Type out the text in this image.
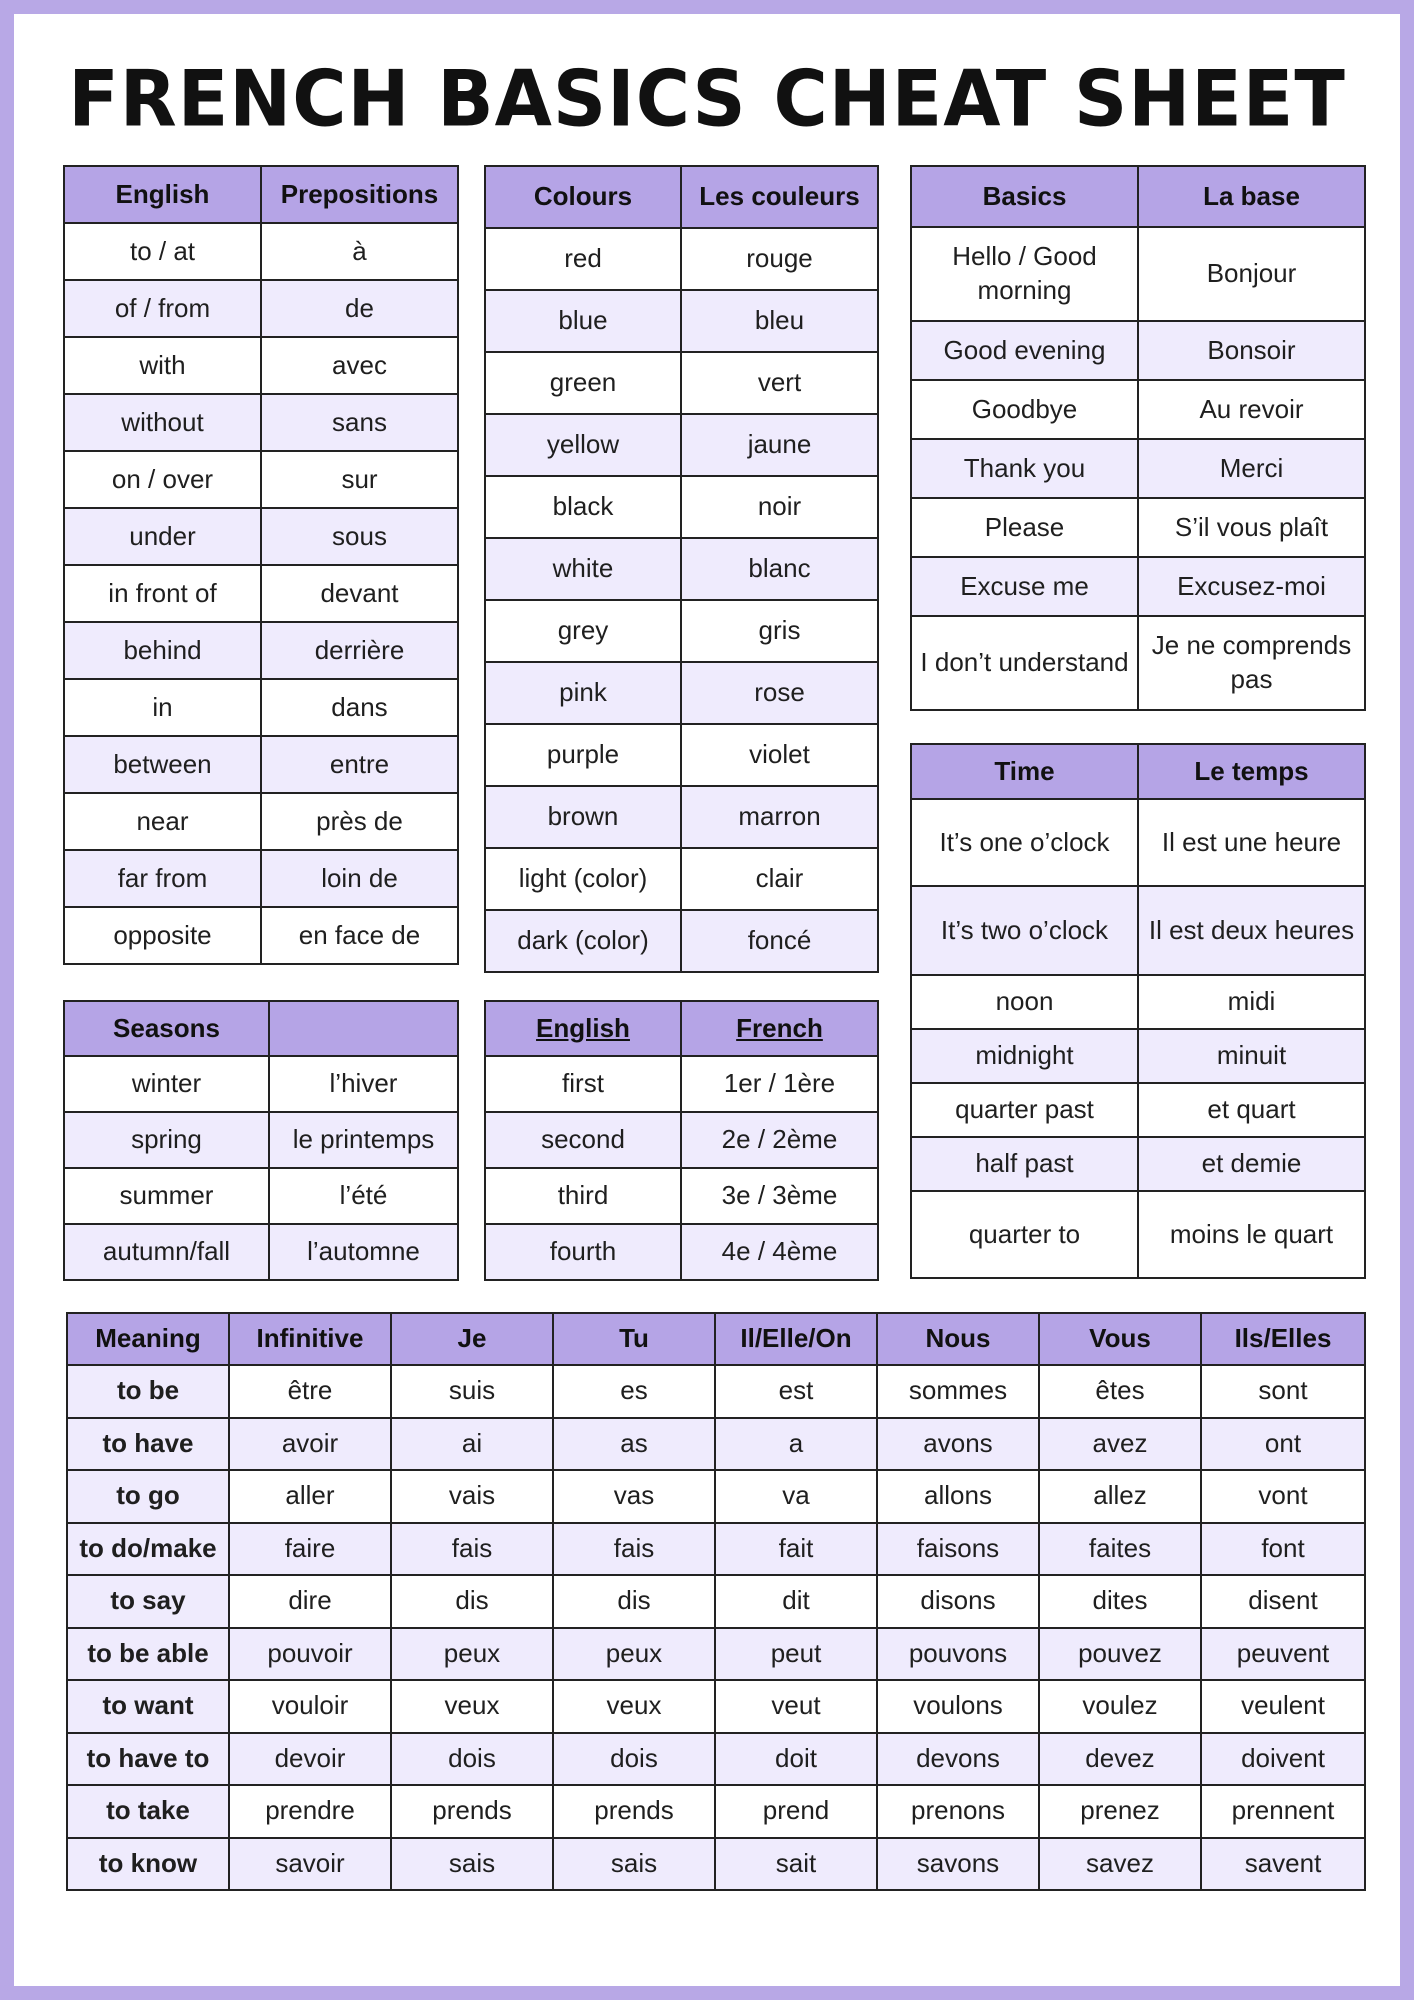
FRENCH BASICS CHEAT SHEET
English	Prepositions
to / at	à
of / from	de
with	avec
without	sans
on / over	sur
under	sous
in front of	devant
behind	derrière
in	dans
between	entre
near	près de
far from	loin de
opposite	en face de
Colours	Les couleurs
red	rouge
blue	bleu
green	vert
yellow	jaune
black	noir
white	blanc
grey	gris
pink	rose
purple	violet
brown	marron
light (color)	clair
dark (color)	foncé
Basics	La base
Hello / Good morning	Bonjour
Good evening	Bonsoir
Goodbye	Au revoir
Thank you	Merci
Please	S’il vous plaît
Excuse me	Excusez-moi
I don’t understand	Je ne comprends pas
Time	Le temps
It’s one o’clock	Il est une heure
It’s two o’clock	Il est deux heures
noon	midi
midnight	minuit
quarter past	et quart
half past	et demie
quarter to	moins le quart
Seasons	
winter	l’hiver
spring	le printemps
summer	l’été
autumn/fall	l’automne
English	French
first	1er / 1ère
second	2e / 2ème
third	3e / 3ème
fourth	4e / 4ème
Meaning	Infinitive	Je	Tu	Il/Elle/On	Nous	Vous	Ils/Elles
to be	être	suis	es	est	sommes	êtes	sont
to have	avoir	ai	as	a	avons	avez	ont
to go	aller	vais	vas	va	allons	allez	vont
to do/make	faire	fais	fais	fait	faisons	faites	font
to say	dire	dis	dis	dit	disons	dites	disent
to be able	pouvoir	peux	peux	peut	pouvons	pouvez	peuvent
to want	vouloir	veux	veux	veut	voulons	voulez	veulent
to have to	devoir	dois	dois	doit	devons	devez	doivent
to take	prendre	prends	prends	prend	prenons	prenez	prennent
to know	savoir	sais	sais	sait	savons	savez	savent
